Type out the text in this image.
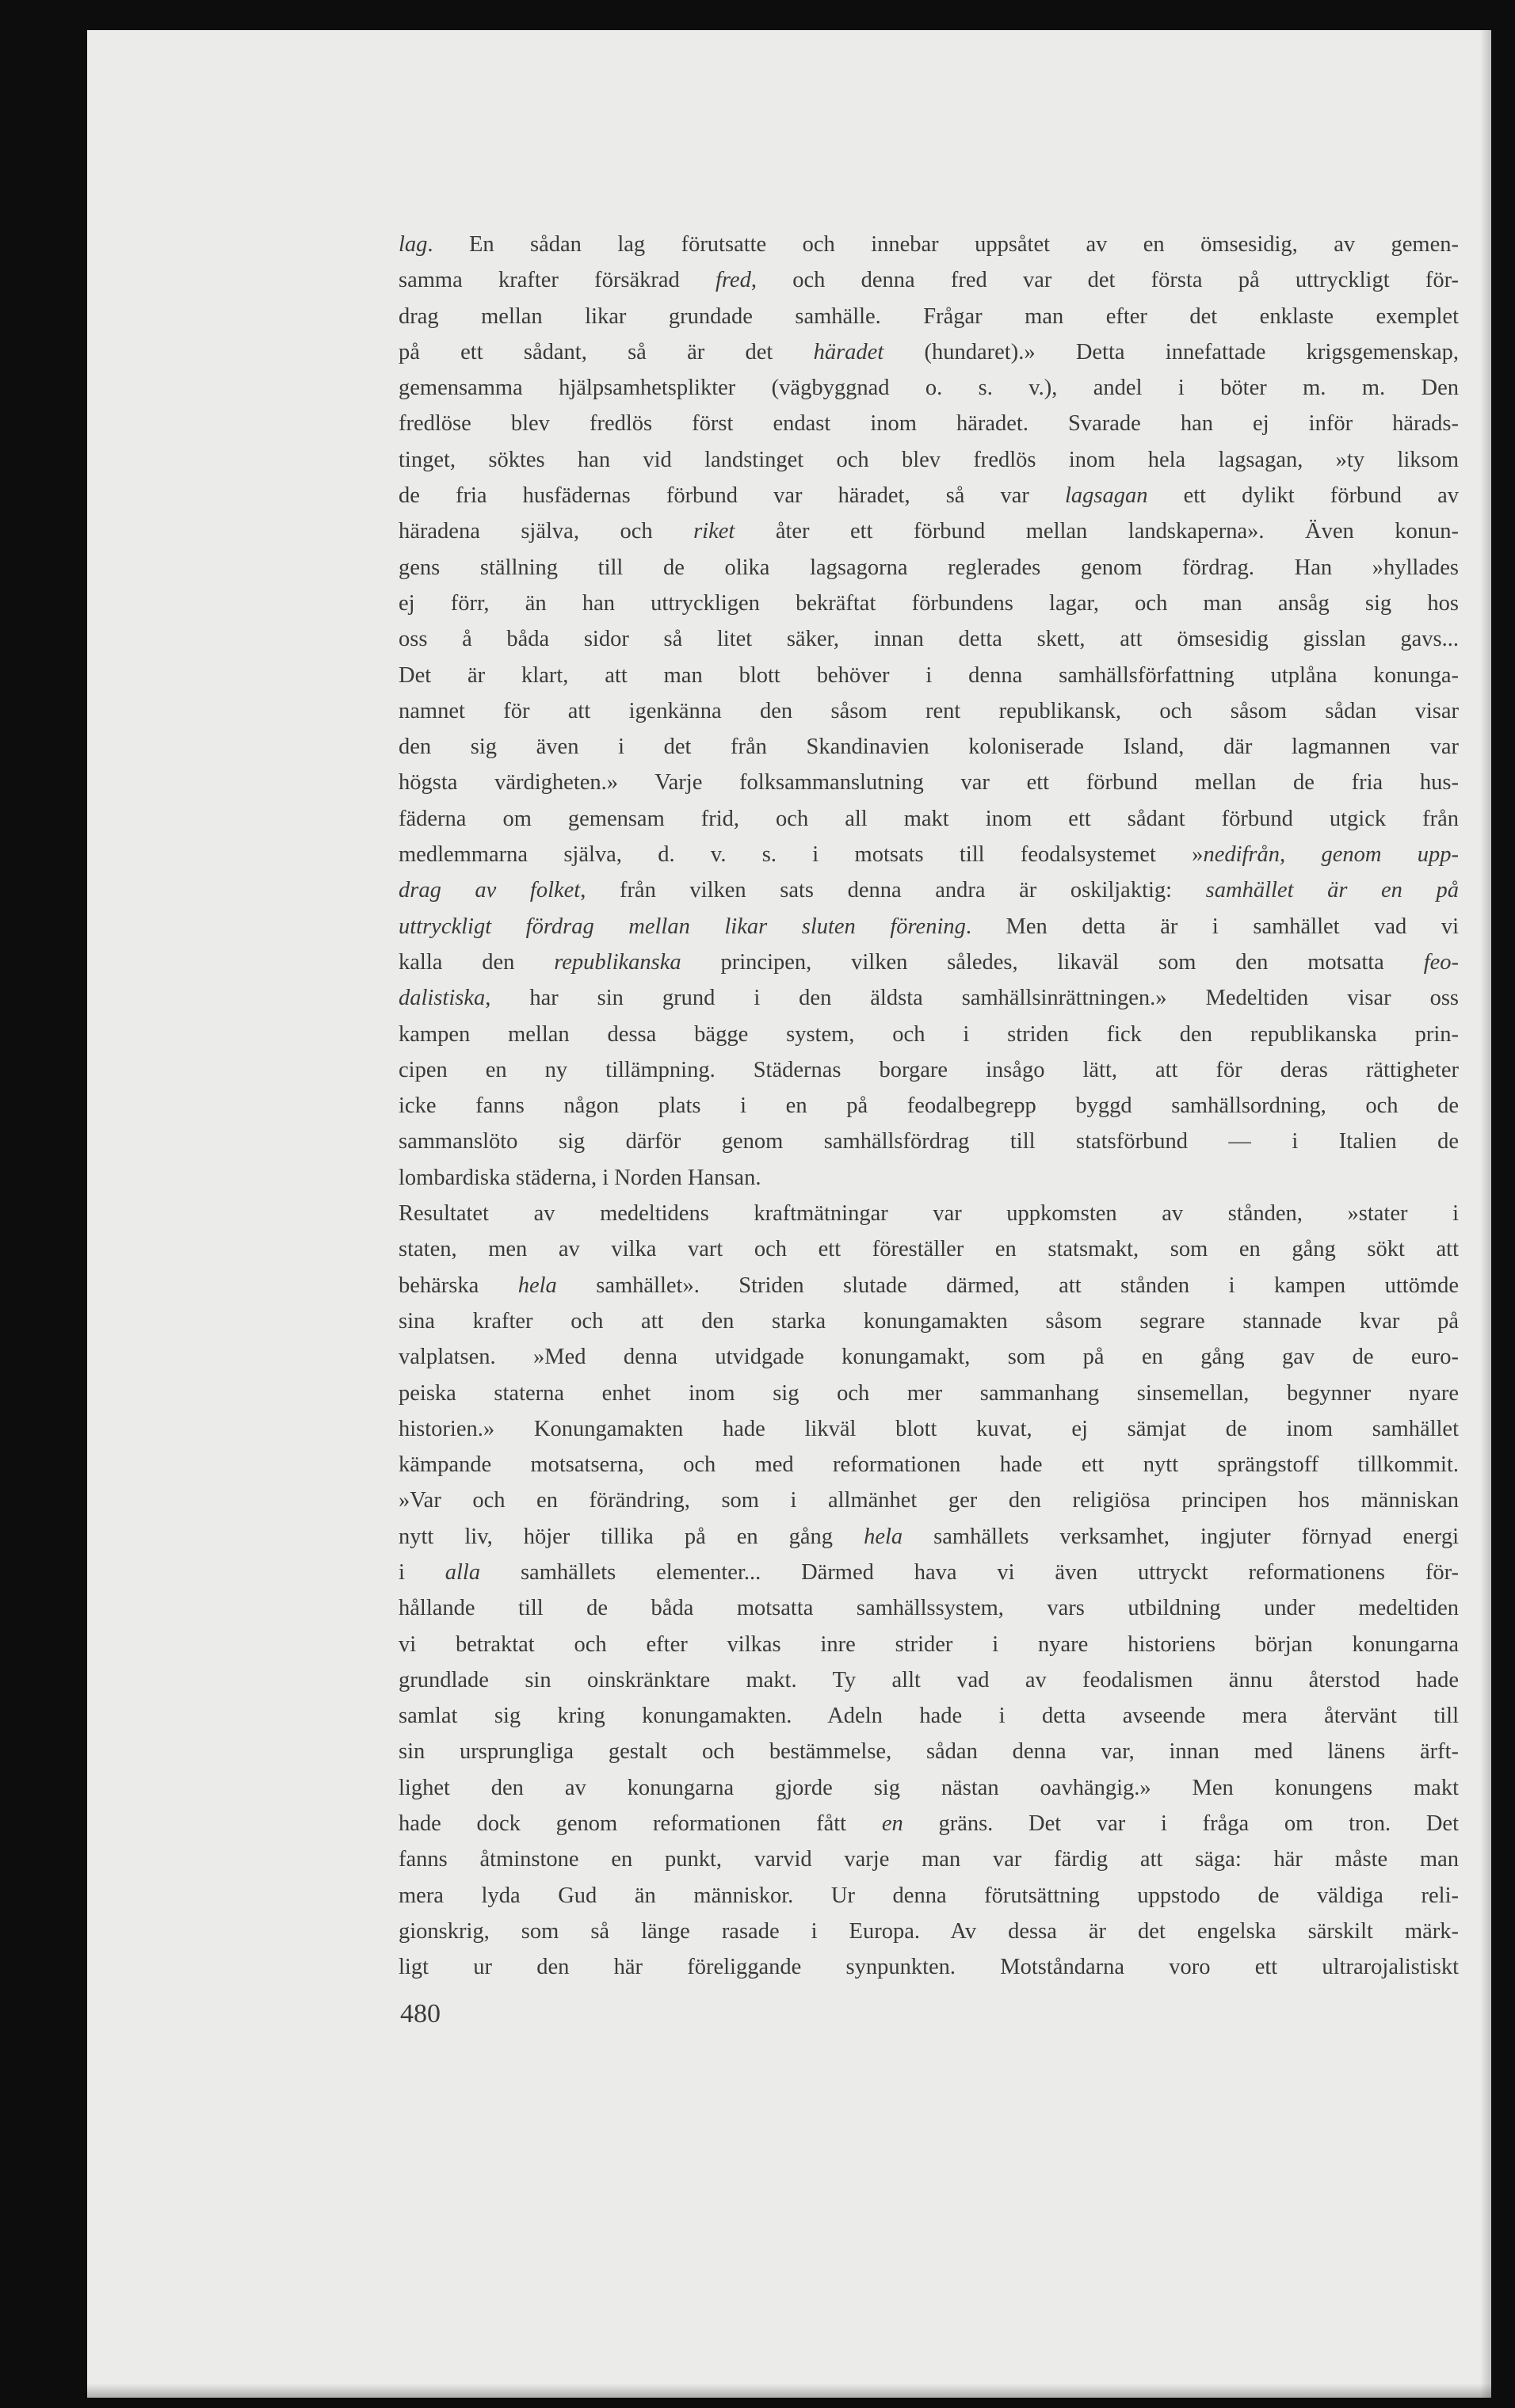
lag. En sådan lag förutsatte och innebar uppsåtet av en ömsesidig, av gemen-
samma krafter försäkrad fred, och denna fred var det första på uttryckligt för-
drag mellan likar grundade samhälle. Frågar man efter det enklaste exemplet
på ett sådant, så är det häradet (hundaret).» Detta innefattade krigsgemenskap,
gemensamma hjälpsamhetsplikter (vägbyggnad o. s. v.), andel i böter m. m. Den
fredlöse blev fredlös först endast inom häradet. Svarade han ej inför härads-
tinget, söktes han vid landstinget och blev fredlös inom hela lagsagan, »ty liksom
de fria husfädernas förbund var häradet, så var lagsagan ett dylikt förbund av
häradena själva, och riket åter ett förbund mellan landskaperna». Även konun-
gens ställning till de olika lagsagorna reglerades genom fördrag. Han »hyllades
ej förr, än han uttryckligen bekräftat förbundens lagar, och man ansåg sig hos
oss å båda sidor så litet säker, innan detta skett, att ömsesidig gisslan gavs...
Det är klart, att man blott behöver i denna samhällsförfattning utplåna konunga-
namnet för att igenkänna den såsom rent republikansk, och såsom sådan visar
den sig även i det från Skandinavien koloniserade Island, där lagmannen var
högsta värdigheten.» Varje folksammanslutning var ett förbund mellan de fria hus-
fäderna om gemensam frid, och all makt inom ett sådant förbund utgick från
medlemmarna själva, d. v. s. i motsats till feodalsystemet »nedifrån, genom upp-
drag av folket, från vilken sats denna andra är oskiljaktig: samhället är en på
uttryckligt fördrag mellan likar sluten förening. Men detta är i samhället vad vi
kalla den republikanska principen, vilken således, likaväl som den motsatta feo-
dalistiska, har sin grund i den äldsta samhällsinrättningen.» Medeltiden visar oss
kampen mellan dessa bägge system, och i striden fick den republikanska prin-
cipen en ny tillämpning. Städernas borgare insågo lätt, att för deras rättigheter
icke fanns någon plats i en på feodalbegrepp byggd samhällsordning, och de
sammanslöto sig därför genom samhällsfördrag till statsförbund — i Italien de
lombardiska städerna, i Norden Hansan.
Resultatet av medeltidens kraftmätningar var uppkomsten av stånden, »stater i
staten, men av vilka vart och ett föreställer en statsmakt, som en gång sökt att
behärska hela samhället». Striden slutade därmed, att stånden i kampen uttömde
sina krafter och att den starka konungamakten såsom segrare stannade kvar på
valplatsen. »Med denna utvidgade konungamakt, som på en gång gav de euro-
peiska staterna enhet inom sig och mer sammanhang sinsemellan, begynner nyare
historien.» Konungamakten hade likväl blott kuvat, ej sämjat de inom samhället
kämpande motsatserna, och med reformationen hade ett nytt sprängstoff tillkommit.
»Var och en förändring, som i allmänhet ger den religiösa principen hos människan
nytt liv, höjer tillika på en gång hela samhällets verksamhet, ingjuter förnyad energi
i alla samhällets elementer... Därmed hava vi även uttryckt reformationens för-
hållande till de båda motsatta samhällssystem, vars utbildning under medeltiden
vi betraktat och efter vilkas inre strider i nyare historiens början konungarna
grundlade sin oinskränktare makt. Ty allt vad av feodalismen ännu återstod hade
samlat sig kring konungamakten. Adeln hade i detta avseende mera återvänt till
sin ursprungliga gestalt och bestämmelse, sådan denna var, innan med länens ärft-
lighet den av konungarna gjorde sig nästan oavhängig.» Men konungens makt
hade dock genom reformationen fått en gräns. Det var i fråga om tron. Det
fanns åtminstone en punkt, varvid varje man var färdig att säga: här måste man
mera lyda Gud än människor. Ur denna förutsättning uppstodo de väldiga reli-
gionskrig, som så länge rasade i Europa. Av dessa är det engelska särskilt märk-
ligt ur den här föreliggande synpunkten. Motståndarna voro ett ultrarojalistiskt
480
